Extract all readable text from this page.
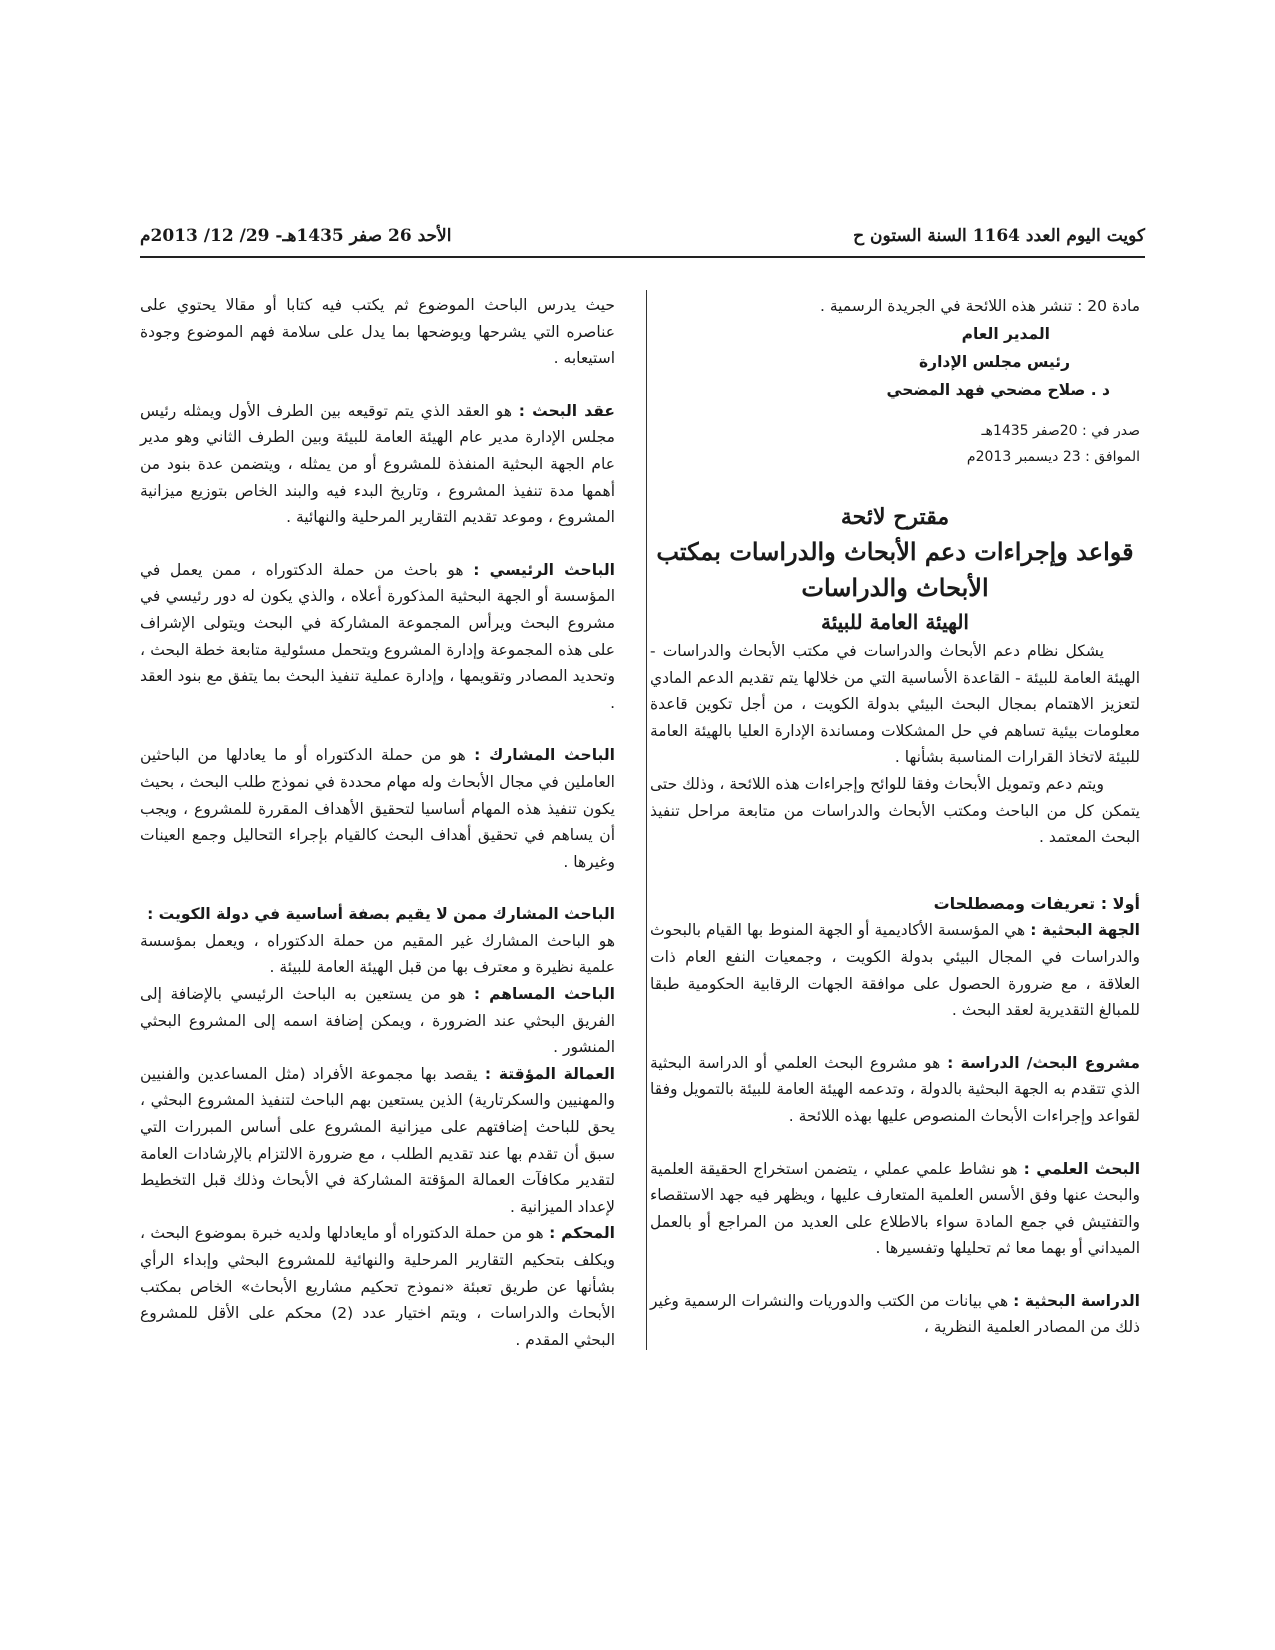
كويت اليوم العدد 1164 السنة الستون ح
الأحد 26 صفر 1435هـ- 29/ 12/ 2013م

مادة 20 : تنشر هذه اللائحة في الجريدة الرسمية .

المدير العام

رئيس مجلس الإدارة

د . صلاح مضحي فهد المضحي

صدر في : 20صفر 1435هـ

الموافق : 23 ديسمبر 2013م

مقترح لائحة
قواعد وإجراءات دعم الأبحاث والدراسات بمكتب الأبحاث والدراسات
الهيئة العامة للبيئة

يشكل نظام دعم الأبحاث والدراسات في مكتب الأبحاث والدراسات - الهيئة العامة للبيئة - القاعدة الأساسية التي من خلالها يتم تقديم الدعم المادي لتعزيز الاهتمام بمجال البحث البيئي بدولة الكويت ، من أجل تكوين قاعدة معلومات بيئية تساهم في حل المشكلات ومساندة الإدارة العليا بالهيئة العامة للبيئة لاتخاذ القرارات المناسبة بشأنها .

ويتم دعم وتمويل الأبحاث وفقا للوائح وإجراءات هذه اللائحة ، وذلك حتى يتمكن كل من الباحث ومكتب الأبحاث والدراسات من متابعة مراحل تنفيذ البحث المعتمد .

أولا : تعريفات ومصطلحات

الجهة البحثية : هي المؤسسة الأكاديمية أو الجهة المنوط بها القيام بالبحوث والدراسات في المجال البيئي بدولة الكويت ، وجمعيات النفع العام ذات العلاقة ، مع ضرورة الحصول على موافقة الجهات الرقابية الحكومية طبقا للمبالغ التقديرية لعقد البحث .

مشروع البحث/ الدراسة : هو مشروع البحث العلمي أو الدراسة البحثية الذي تتقدم به الجهة البحثية بالدولة ، وتدعمه الهيئة العامة للبيئة بالتمويل وفقا لقواعد وإجراءات الأبحاث المنصوص عليها بهذه اللائحة .

البحث العلمي : هو نشاط علمي عملي ، يتضمن استخراج الحقيقة العلمية والبحث عنها وفق الأسس العلمية المتعارف عليها ، ويظهر فيه جهد الاستقصاء والتفتيش في جمع المادة سواء بالاطلاع على العديد من المراجع أو بالعمل الميداني أو بهما معا ثم تحليلها وتفسيرها .

الدراسة البحثية : هي بيانات من الكتب والدوريات والنشرات الرسمية وغير ذلك من المصادر العلمية النظرية ،

حيث يدرس الباحث الموضوع ثم يكتب فيه كتابا أو مقالا يحتوي على عناصره التي يشرحها ويوضحها بما يدل على سلامة فهم الموضوع وجودة استيعابه .

عقد البحث : هو العقد الذي يتم توقيعه بين الطرف الأول ويمثله رئيس مجلس الإدارة مدير عام الهيئة العامة للبيئة وبين الطرف الثاني وهو مدير عام الجهة البحثية المنفذة للمشروع أو من يمثله ، ويتضمن عدة بنود من أهمها مدة تنفيذ المشروع ، وتاريخ البدء فيه والبند الخاص بتوزيع ميزانية المشروع ، وموعد تقديم التقارير المرحلية والنهائية .

الباحث الرئيسي : هو باحث من حملة الدكتوراه ، ممن يعمل في المؤسسة أو الجهة البحثية المذكورة أعلاه ، والذي يكون له دور رئيسي في مشروع البحث ويرأس المجموعة المشاركة في البحث ويتولى الإشراف على هذه المجموعة وإدارة المشروع ويتحمل مسئولية متابعة خطة البحث ، وتحديد المصادر وتقويمها ، وإدارة عملية تنفيذ البحث بما يتفق مع بنود العقد .

الباحث المشارك : هو من حملة الدكتوراه أو ما يعادلها من الباحثين العاملين في مجال الأبحاث وله مهام محددة في نموذج طلب البحث ، بحيث يكون تنفيذ هذه المهام أساسيا لتحقيق الأهداف المقررة للمشروع ، ويجب أن يساهم في تحقيق أهداف البحث كالقيام بإجراء التحاليل وجمع العينات وغيرها .

الباحث المشارك ممن لا يقيم بصفة أساسية في دولة الكويت :

هو الباحث المشارك غير المقيم من حملة الدكتوراه ، ويعمل بمؤسسة علمية نظيرة و معترف بها من قبل الهيئة العامة للبيئة .

الباحث المساهم : هو من يستعين به الباحث الرئيسي بالإضافة إلى الفريق البحثي عند الضرورة ، ويمكن إضافة اسمه إلى المشروع البحثي المنشور .

العمالة المؤقتة : يقصد بها مجموعة الأفراد (مثل المساعدين والفنيين والمهنيين والسكرتارية) الذين يستعين بهم الباحث لتنفيذ المشروع البحثي ، يحق للباحث إضافتهم على ميزانية المشروع على أساس المبررات التي سبق أن تقدم بها عند تقديم الطلب ، مع ضرورة الالتزام بالإرشادات العامة لتقدير مكافآت العمالة المؤقتة المشاركة في الأبحاث وذلك قبل التخطيط لإعداد الميزانية .

المحكم : هو من حملة الدكتوراه أو مايعادلها ولديه خبرة بموضوع البحث ، ويكلف بتحكيم التقارير المرحلية والنهائية للمشروع البحثي وإبداء الرأي بشأنها عن طريق تعبئة «نموذج تحكيم مشاريع الأبحاث» الخاص بمكتب الأبحاث والدراسات ، ويتم اختيار عدد (2) محكم على الأقل للمشروع البحثي المقدم .
